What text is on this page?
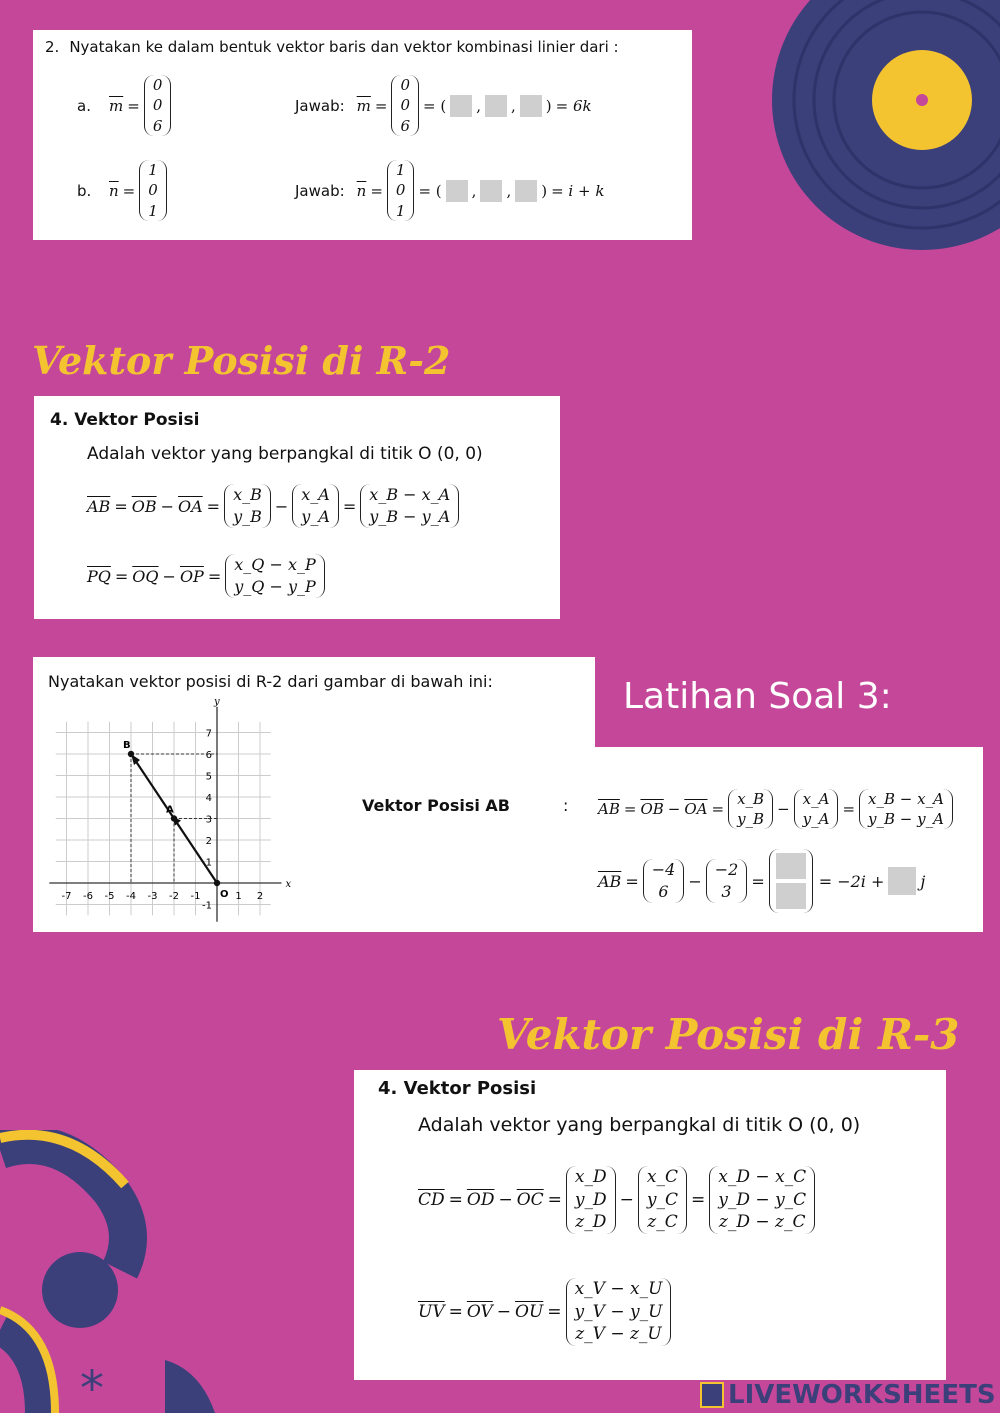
*
2. Nyatakan ke dalam bentuk vektor baris dan vektor kombinasi linier dari :
a.	$\overline{m}$ =
0
0
6
Jawab: $\overline{m}$ =
0
0
6
= ( , , ) = 6k
b.	$\overline{n}$ =
1
0
1
Jawab: $\overline{n}$ =
1
0
1
= ( , , ) = i + k
Vektor Posisi di R-2
4. Vektor Posisi
Adalah vektor yang berpangkal di titik O (0, 0)
$\overline{AB} = \overline{OB} - \overline{OA}$ =
x_B
y_B
−
x_A
y_A
=
x_B − x_A
y_B − y_A
$\overline{PQ} = \overline{OQ} - \overline{OP}$ =
x_Q − x_P
y_Q − y_P
Nyatakan vektor posisi di R-2 dari gambar di bawah ini:	Latihan Soal 3:
-7 -6 -5 -4 -3 -2 -1	1 2
7
6
5
4
3
2
1
-1
x
y
B
A
O
Vektor Posisi AB	: $\overline{AB} = \overline{OB} - \overline{OA}$ =
x_B
y_B
−
x_A
y_A
=
x_B − x_A
y_B − y_A
$\overline{AB}$ =
−4
6
−
−2
3
=	= −2i + j
Vektor Posisi di R-3
4. Vektor Posisi
Adalah vektor yang berpangkal di titik O (0, 0)
$\overline{CD} = \overline{OD} - \overline{OC}$ =
x_D
y_D
z_D
−
x_C
y_C
z_C
=
x_D − x_C
y_D − y_C
z_D − z_C
$\overline{UV} = \overline{OV} - \overline{OU}$ =
x_V − x_U
y_V − y_U
z_V − z_U
LIVEWORKSHEETS
